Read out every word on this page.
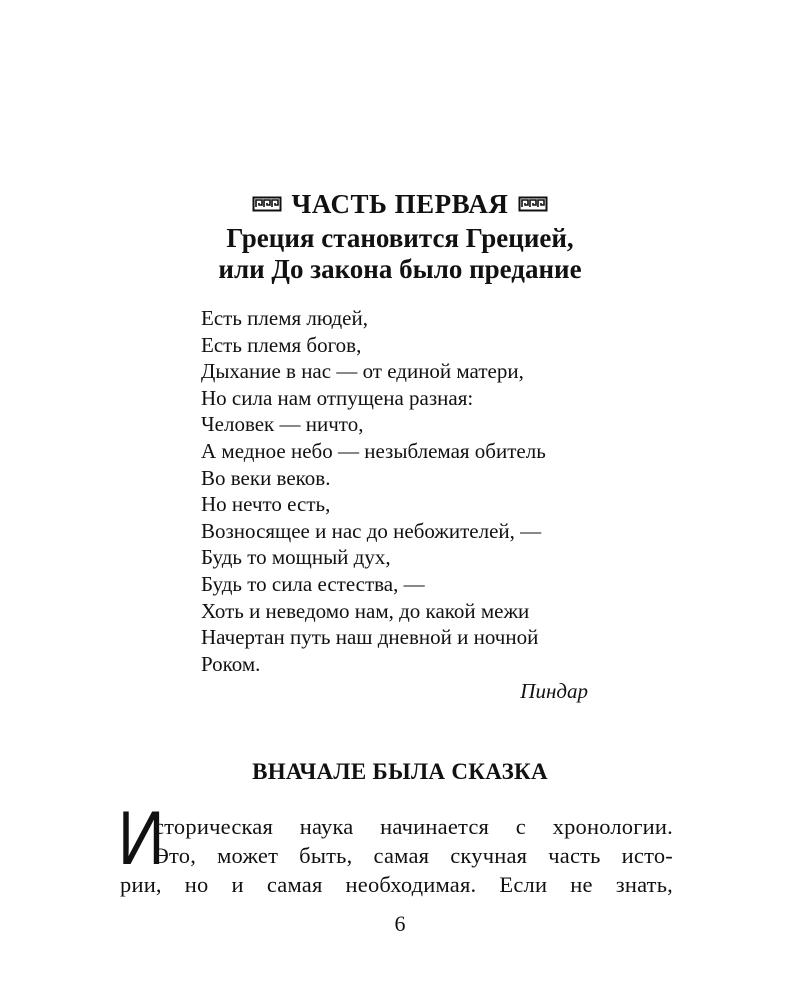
ЧАСТЬ ПЕРВАЯ
Греция становится Грецией,
или До закона было предание
Есть племя людей,
Есть племя богов,
Дыхание в нас — от единой матери,
Но сила нам отпущена разная:
Человек — ничто,
А медное небо — незыблемая обитель
Во веки веков.
Но нечто есть,
Возносящее и нас до небожителей, —
Будь то мощный дух,
Будь то сила естества, —
Хоть и неведомо нам, до какой межи
Начертан путь наш дневной и ночной
Роком.
Пиндар
ВНАЧАЛЕ БЫЛА СКАЗКА
И
сторическая наука начинается с хронологии.
Это, может быть, самая скучная часть исто-
рии, но и самая необходимая. Если не знать,
6
